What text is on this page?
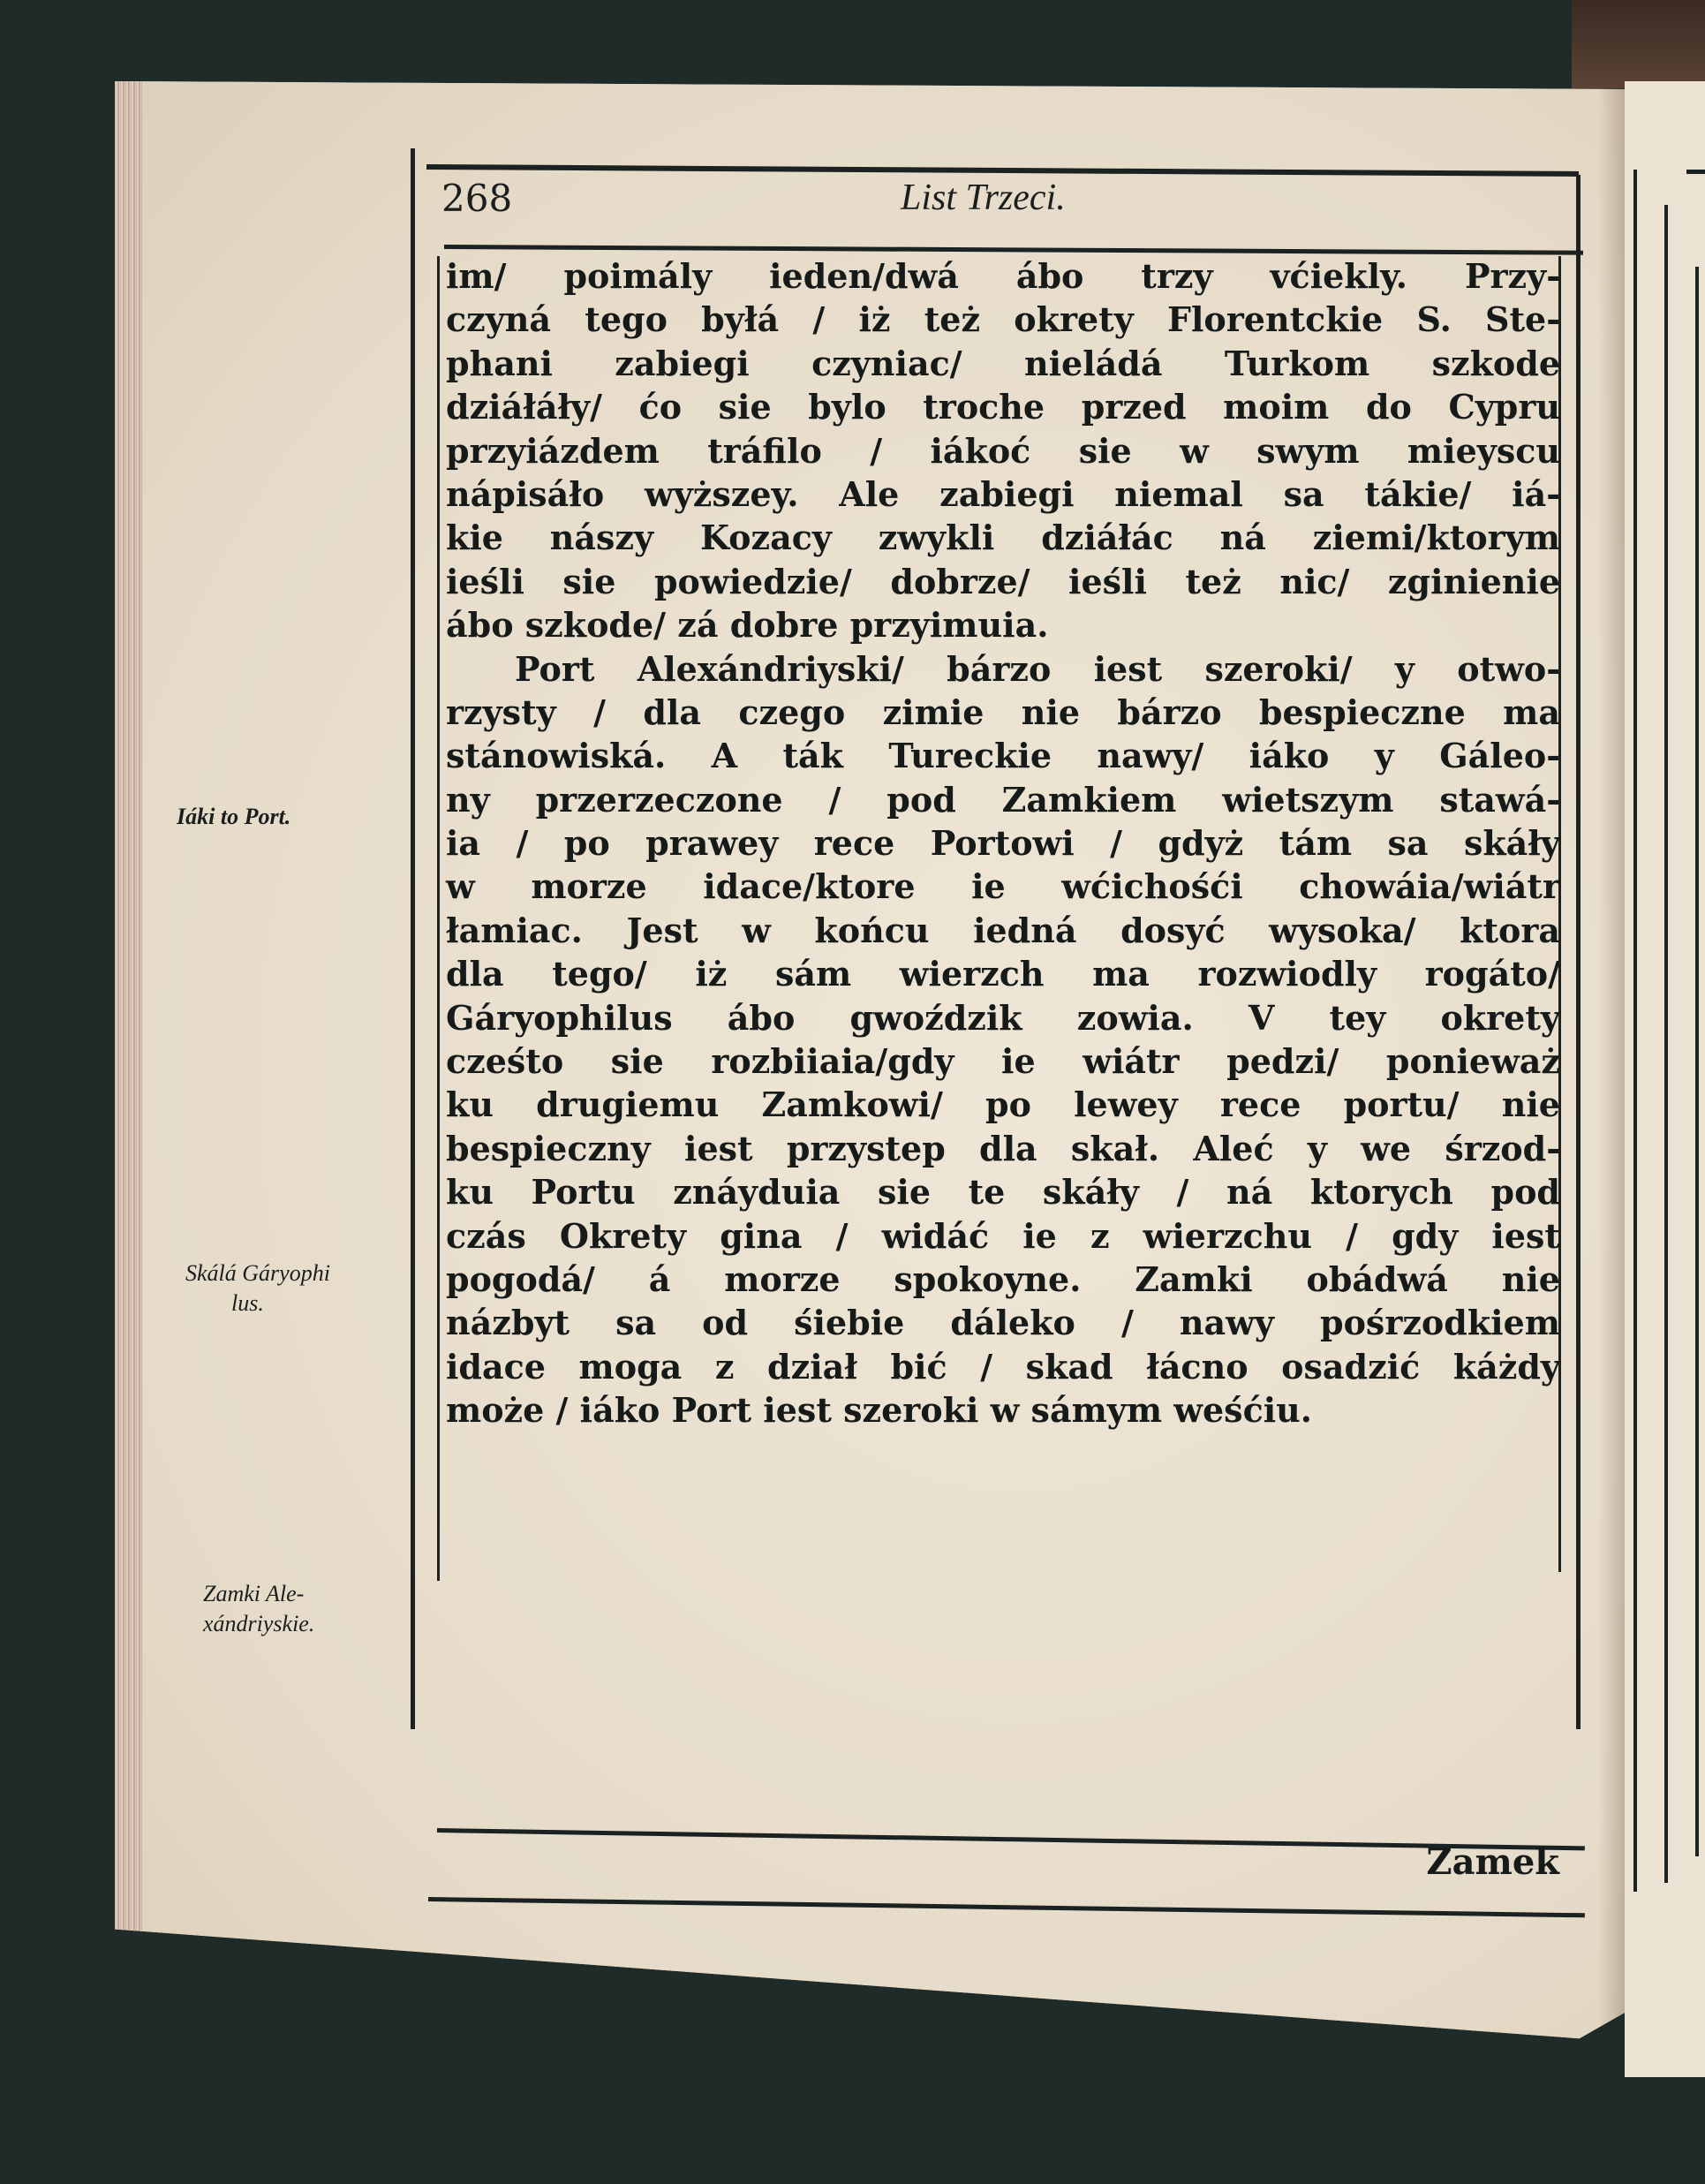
268	List Trzeci.
Iáki to Port.
Skálá Gáryophi
lus.
Zamki Ale-
xándriyskie.
im/ poimály ieden/dwá ábo trzy vćiekly. Przy-
czyná tego byłá / iż też okrety Florentckie S. Ste-
phani zabiegi czyniac/ nieládá Turkom szkode
dziáłáły/ ćo sie bylo troche przed moim do Cypru
przyiázdem tráfilo / iákoć sie w swym mieyscu
nápisáło wyższey. Ale zabiegi niemal sa tákie/ iá-
kie nászy Kozacy zwykli dziáłác ná ziemi/ktorym
ieśli sie powiedzie/ dobrze/ ieśli też nic/ zginienie
ábo szkode/ zá dobre przyimuia.
Port Alexándriyski/ bárzo iest szeroki/ y otwo-
rzysty / dla czego zimie nie bárzo bespieczne ma
stánowiská. A ták Tureckie nawy/ iáko y Gáleo-
ny przerzeczone / pod Zamkiem wietszym stawá-
ia / po prawey rece Portowi / gdyż tám sa skáły
w morze idace/ktore ie wćichośći chowáia/wiátr
łamiac. Jest w końcu iedná dosyć wysoka/ ktora
dla tego/ iż sám wierzch ma rozwiodly rogáto/
Gáryophilus ábo gwoździk zowia. V tey okrety
cześto sie rozbiiaia/gdy ie wiátr pedzi/ ponieważ
ku drugiemu Zamkowi/ po lewey rece portu/ nie
bespieczny iest przystep dla skał. Aleć y we śrzod-
ku Portu znáyduia sie te skáły / ná ktorych pod
czás Okrety gina / widáć ie z wierzchu / gdy iest
pogodá/ á morze spokoyne. Zamki obádwá nie
názbyt sa od śiebie dáleko / nawy pośrzodkiem
idace moga z dział bić / skad łácno osadzić káżdy
może / iáko Port iest szeroki w sámym weśćiu.
Zamek
